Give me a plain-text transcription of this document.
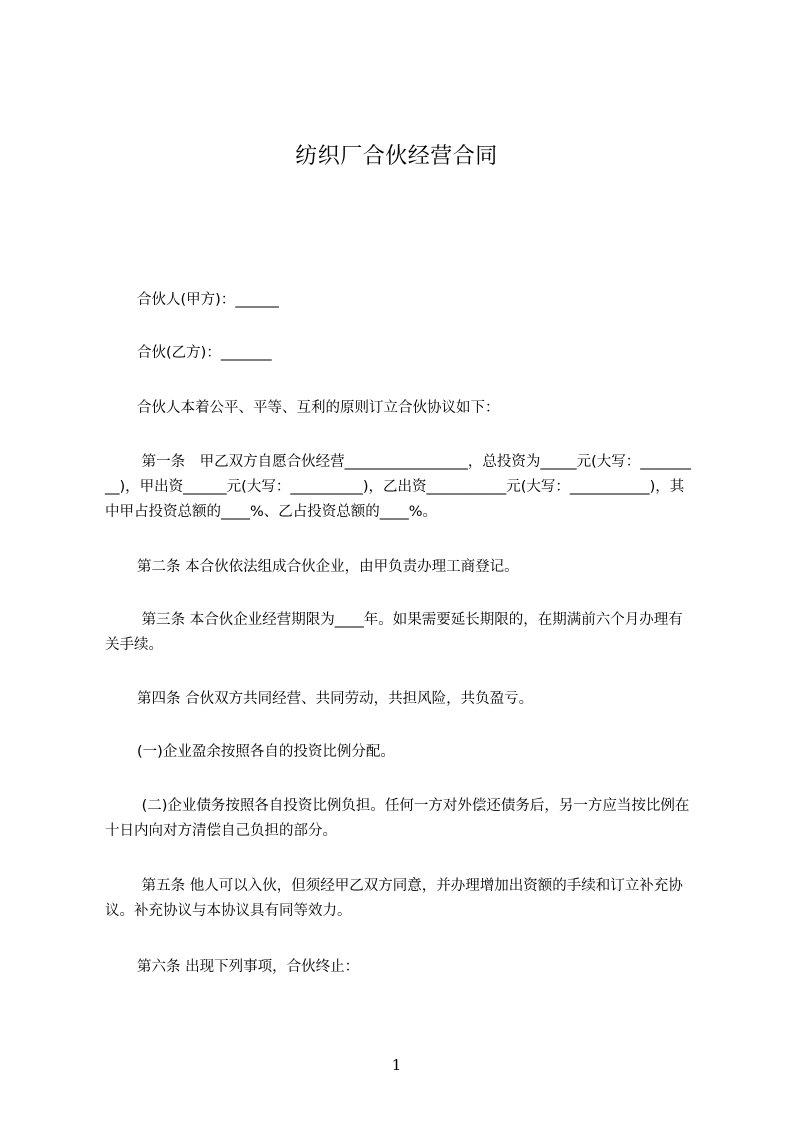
纺织厂合伙经营合同
合伙人(甲方)：______
合伙(乙方)：_______
合伙人本着公平、平等、互利的原则订立合伙协议如下：
第一条　甲乙双方自愿合伙经营_________________，总投资为_____元(大写：_________)，甲出资______元(大写：__________)，乙出资___________元(大写：___________)，其中甲占投资总额的____%、乙占投资总额的____%。
第二条 本合伙依法组成合伙企业，由甲负责办理工商登记。
第三条 本合伙企业经营期限为____年。如果需要延长期限的，在期满前六个月办理有关手续。
第四条 合伙双方共同经营、共同劳动，共担风险，共负盈亏。
(一)企业盈余按照各自的投资比例分配。
(二)企业债务按照各自投资比例负担。任何一方对外偿还债务后，另一方应当按比例在十日内向对方清偿自己负担的部分。
第五条 他人可以入伙，但须经甲乙双方同意，并办理增加出资额的手续和订立补充协议。补充协议与本协议具有同等效力。
第六条 出现下列事项，合伙终止：
1
